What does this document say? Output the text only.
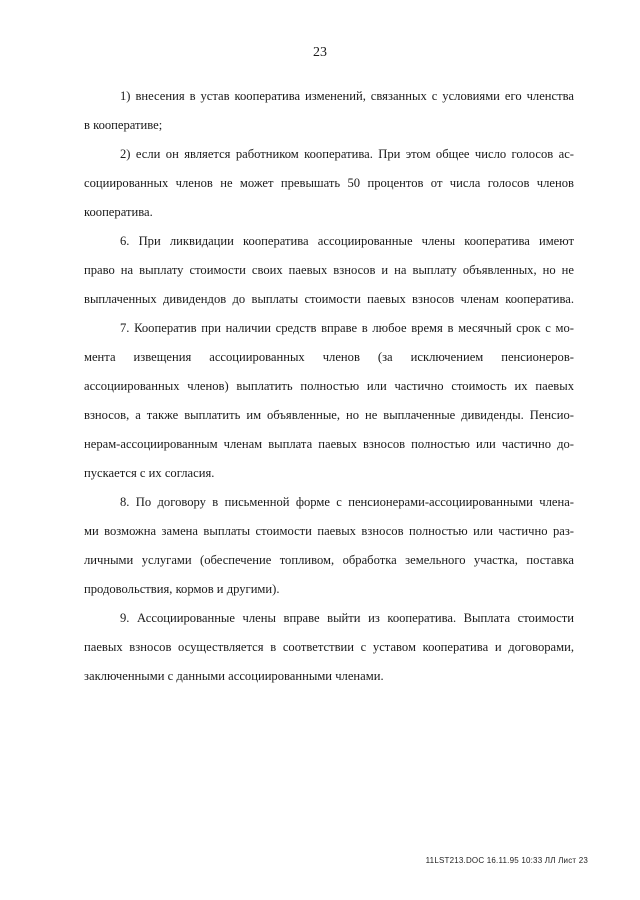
23
1) внесения в устав кооператива изменений, связанных с условиями его членства
в кооперативе;
2) если он является работником кооператива. При этом общее число голосов ас-
социированных членов не может превышать 50 процентов от числа голосов членов
кооператива.
6. При ликвидации кооператива ассоциированные члены кооператива имеют
право на выплату стоимости своих паевых взносов и на выплату объявленных, но не
выплаченных дивидендов до выплаты стоимости паевых взносов членам кооператива.
7. Кооператив при наличии средств вправе в любое время в месячный срок с мо-
мента извещения ассоциированных членов (за исключением пенсионеров-
ассоциированных членов) выплатить полностью или частично стоимость их паевых
взносов, а также выплатить им объявленные, но не выплаченные дивиденды. Пенсио-
нерам-ассоциированным членам выплата паевых взносов полностью или частично до-
пускается с их согласия.
8. По договору в письменной форме с пенсионерами-ассоциированными члена-
ми возможна замена выплаты стоимости паевых взносов полностью или частично раз-
личными услугами (обеспечение топливом, обработка земельного участка, поставка
продовольствия, кормов и другими).
9. Ассоциированные члены вправе выйти из кооператива. Выплата стоимости
паевых взносов осуществляется в соответствии с уставом кооператива и договорами,
заключенными с данными ассоциированными членами.
11LST213.DOC 16.11.95 10:33 ЛЛ Лист 23
